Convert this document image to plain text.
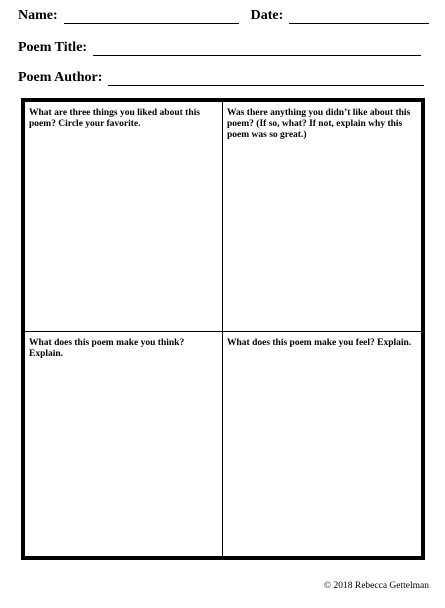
Name:	Date:
Poem Title:
Poem Author:
What are three things you liked about this poem? Circle your favorite.
Was there anything you didn’t like about this poem? (If so, what? If not, explain why this poem was so great.)
What does this poem make you think? Explain.
What does this poem make you feel? Explain.
© 2018 Rebecca Gettelman
